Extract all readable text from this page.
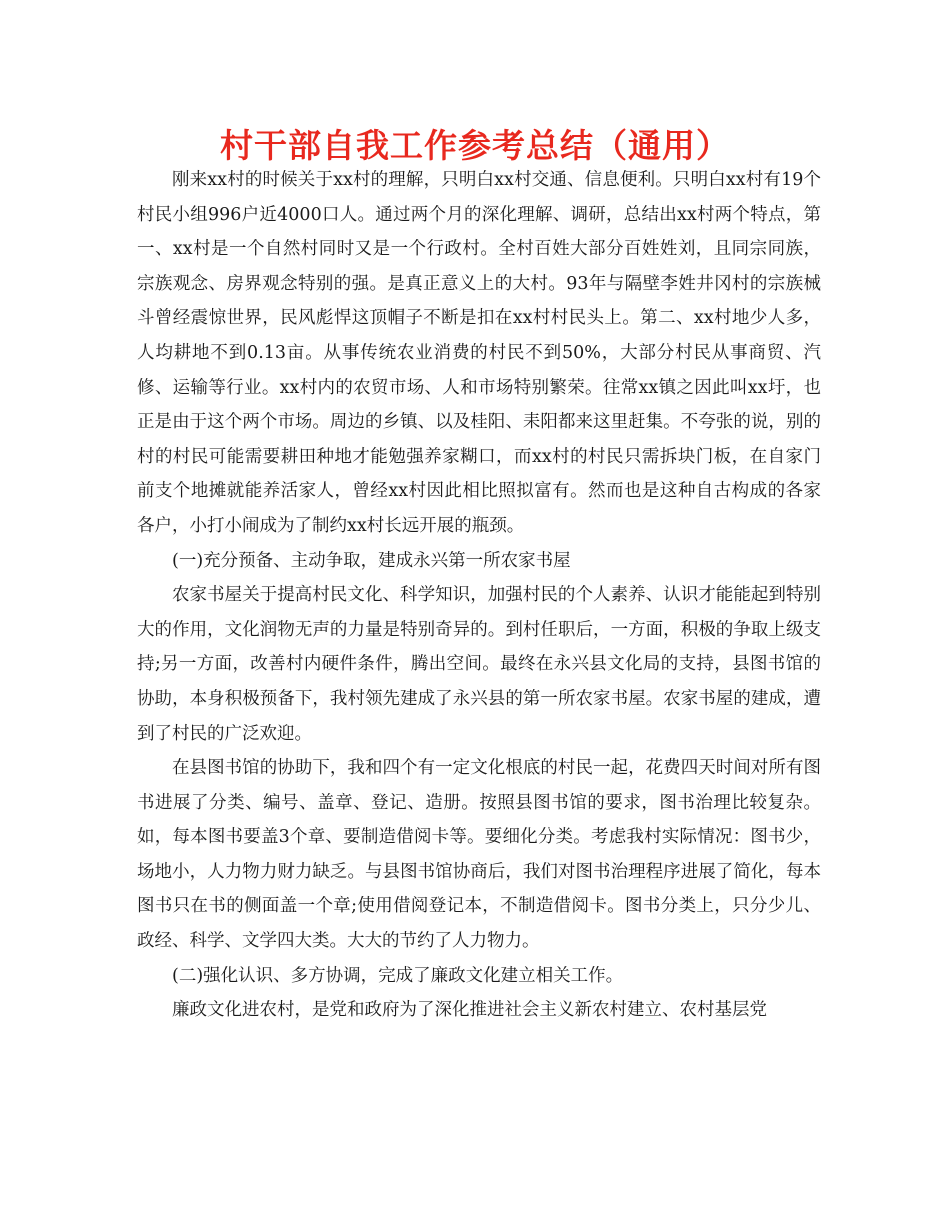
村干部自我工作参考总结（通用）

刚来xx村的时候关于xx村的理解，只明白xx村交通、信息便利。只明白xx村有19个村民小组996户近4000口人。通过两个月的深化理解、调研，总结出xx村两个特点，第一、xx村是一个自然村同时又是一个行政村。全村百姓大部分百姓姓刘，且同宗同族，宗族观念、房界观念特别的强。是真正意义上的大村。93年与隔壁李姓井冈村的宗族械斗曾经震惊世界，民风彪悍这顶帽子不断是扣在xx村村民头上。第二、xx村地少人多，人均耕地不到0.13亩。从事传统农业消费的村民不到50%，大部分村民从事商贸、汽修、运输等行业。xx村内的农贸市场、人和市场特别繁荣。往常xx镇之因此叫xx圩，也正是由于这个两个市场。周边的乡镇、以及桂阳、耒阳都来这里赶集。不夸张的说，别的村的村民可能需要耕田种地才能勉强养家糊口，而xx村的村民只需拆块门板，在自家门前支个地摊就能养活家人，曾经xx村因此相比照拟富有。然而也是这种自古构成的各家各户，小打小闹成为了制约xx村长远开展的瓶颈。

(一)充分预备、主动争取，建成永兴第一所农家书屋

农家书屋关于提高村民文化、科学知识，加强村民的个人素养、认识才能能起到特别大的作用，文化润物无声的力量是特别奇异的。到村任职后，一方面，积极的争取上级支持;另一方面，改善村内硬件条件，腾出空间。最终在永兴县文化局的支持，县图书馆的协助，本身积极预备下，我村领先建成了永兴县的第一所农家书屋。农家书屋的建成，遭到了村民的广泛欢迎。

在县图书馆的协助下，我和四个有一定文化根底的村民一起，花费四天时间对所有图书进展了分类、编号、盖章、登记、造册。按照县图书馆的要求，图书治理比较复杂。如，每本图书要盖3个章、要制造借阅卡等。要细化分类。考虑我村实际情况：图书少，场地小，人力物力财力缺乏。与县图书馆协商后，我们对图书治理程序进展了简化，每本图书只在书的侧面盖一个章;使用借阅登记本，不制造借阅卡。图书分类上，只分少儿、政经、科学、文学四大类。大大的节约了人力物力。

(二)强化认识、多方协调，完成了廉政文化建立相关工作。

廉政文化进农村，是党和政府为了深化推进社会主义新农村建立、农村基层党
